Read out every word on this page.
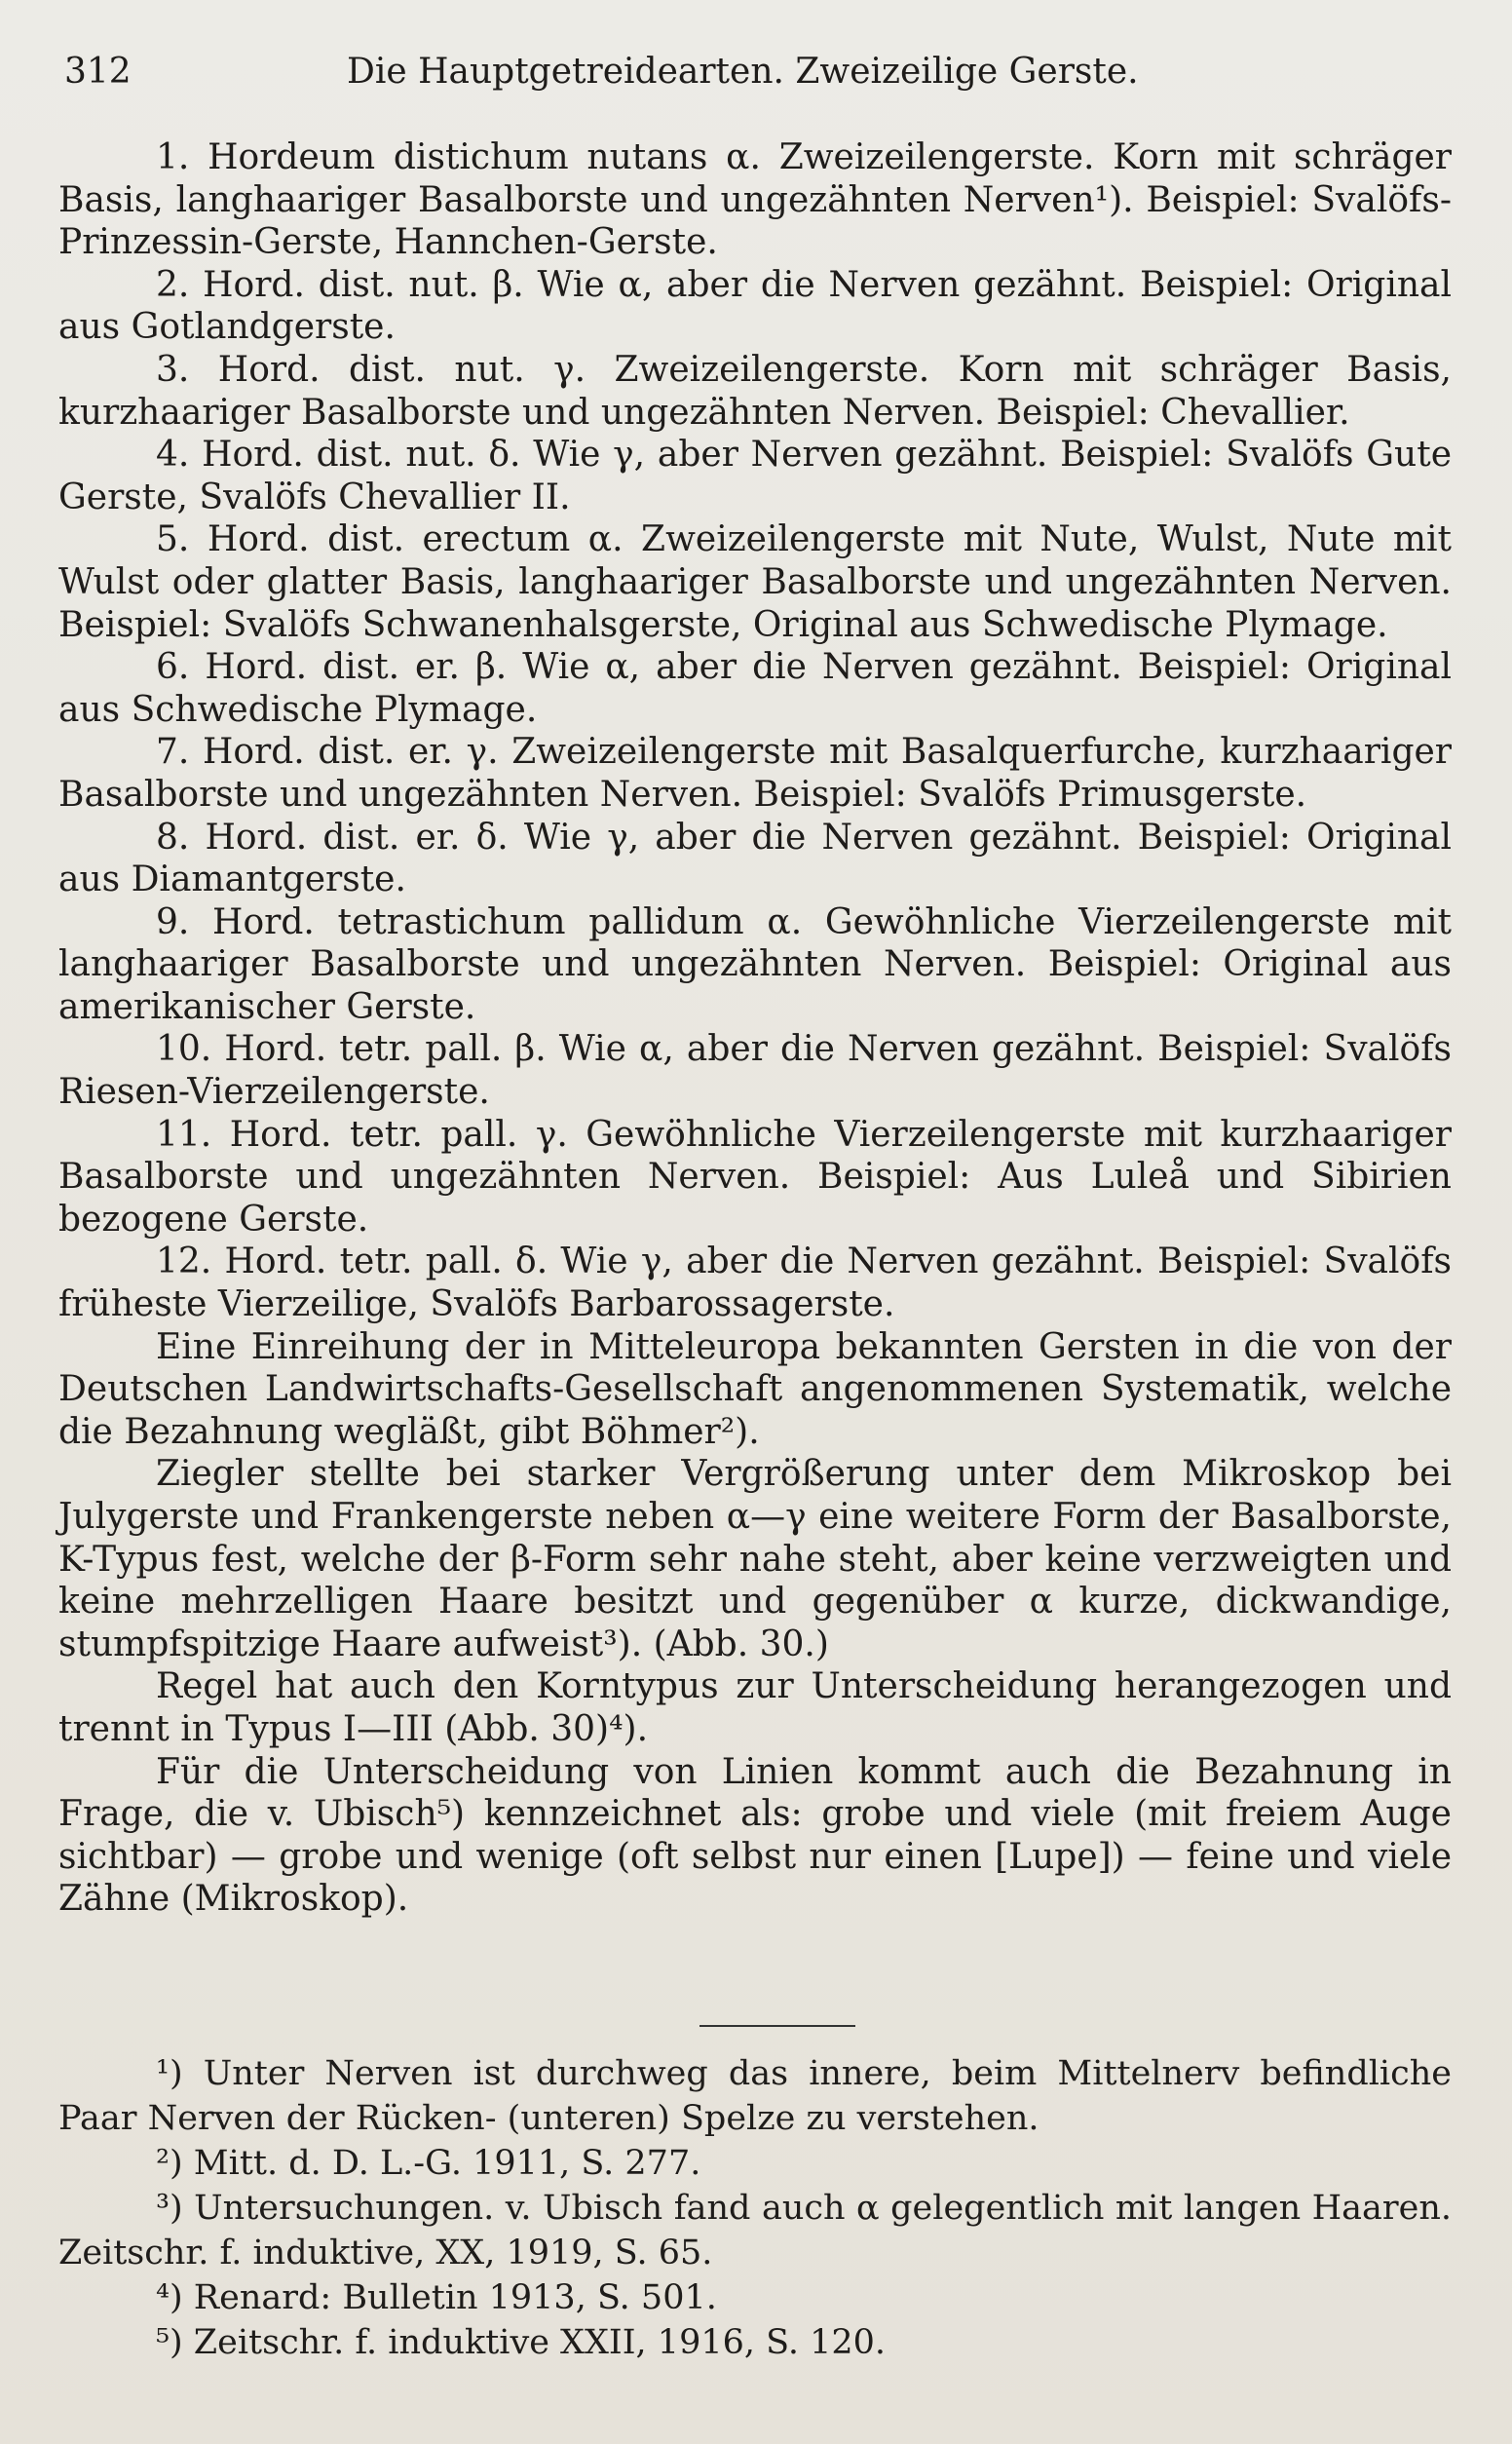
312	Die Hauptgetreidearten. Zweizeilige Gerste.

1. Hordeum distichum nutans α. Zweizeilengerste. Korn mit schräger Basis, langhaariger Basalborste und ungezähnten Nerven¹). Beispiel: Svalöfs-Prinzessin-Gerste, Hannchen-Gerste.

2. Hord. dist. nut. β. Wie α, aber die Nerven gezähnt. Beispiel: Original aus Gotlandgerste.

3. Hord. dist. nut. γ. Zweizeilengerste. Korn mit schräger Basis, kurzhaariger Basalborste und ungezähnten Nerven. Beispiel: Chevallier.

4. Hord. dist. nut. δ. Wie γ, aber Nerven gezähnt. Beispiel: Svalöfs Gute Gerste, Svalöfs Chevallier II.

5. Hord. dist. erectum α. Zweizeilengerste mit Nute, Wulst, Nute mit Wulst oder glatter Basis, langhaariger Basalborste und ungezähnten Nerven. Beispiel: Svalöfs Schwanenhalsgerste, Original aus Schwedische Plymage.

6. Hord. dist. er. β. Wie α, aber die Nerven gezähnt. Beispiel: Original aus Schwedische Plymage.

7. Hord. dist. er. γ. Zweizeilengerste mit Basalquerfurche, kurzhaariger Basalborste und ungezähnten Nerven. Beispiel: Svalöfs Primusgerste.

8. Hord. dist. er. δ. Wie γ, aber die Nerven gezähnt. Beispiel: Original aus Diamantgerste.

9. Hord. tetrastichum pallidum α. Gewöhnliche Vierzeilengerste mit langhaariger Basalborste und ungezähnten Nerven. Beispiel: Original aus amerikanischer Gerste.

10. Hord. tetr. pall. β. Wie α, aber die Nerven gezähnt. Beispiel: Svalöfs Riesen-Vierzeilengerste.

11. Hord. tetr. pall. γ. Gewöhnliche Vierzeilengerste mit kurzhaariger Basalborste und ungezähnten Nerven. Beispiel: Aus Luleå und Sibirien bezogene Gerste.

12. Hord. tetr. pall. δ. Wie γ, aber die Nerven gezähnt. Beispiel: Svalöfs früheste Vierzeilige, Svalöfs Barbarossagerste.

Eine Einreihung der in Mitteleuropa bekannten Gersten in die von der Deutschen Landwirtschafts-Gesellschaft angenommenen Systematik, welche die Bezahnung wegläßt, gibt Böhmer²).

Ziegler stellte bei starker Vergrößerung unter dem Mikroskop bei Julygerste und Frankengerste neben α—γ eine weitere Form der Basalborste, K-Typus fest, welche der β-Form sehr nahe steht, aber keine verzweigten und keine mehrzelligen Haare besitzt und gegenüber α kurze, dickwandige, stumpfspitzige Haare aufweist³). (Abb. 30.)

Regel hat auch den Korntypus zur Unterscheidung herangezogen und trennt in Typus I—III (Abb. 30)⁴).

Für die Unterscheidung von Linien kommt auch die Bezahnung in Frage, die v. Ubisch⁵) kennzeichnet als: grobe und viele (mit freiem Auge sichtbar) — grobe und wenige (oft selbst nur einen [Lupe]) — feine und viele Zähne (Mikroskop).

¹) Unter Nerven ist durchweg das innere, beim Mittelnerv befindliche Paar Nerven der Rücken- (unteren) Spelze zu verstehen.

²) Mitt. d. D. L.-G. 1911, S. 277.

³) Untersuchungen. v. Ubisch fand auch α gelegentlich mit langen Haaren. Zeitschr. f. induktive, XX, 1919, S. 65.

⁴) Renard: Bulletin 1913, S. 501.

⁵) Zeitschr. f. induktive XXII, 1916, S. 120.
